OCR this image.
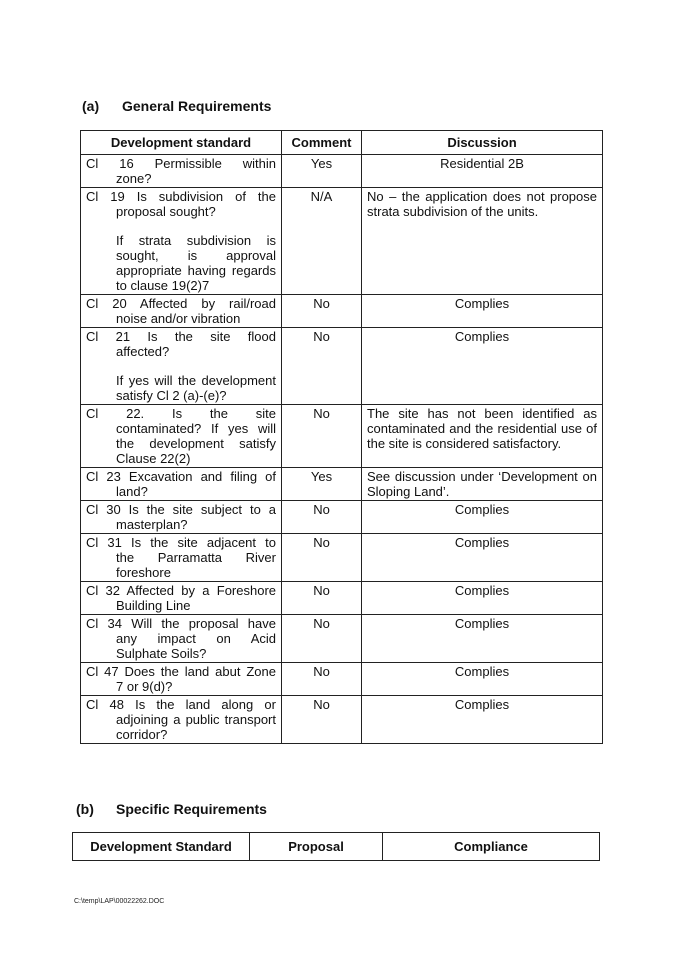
(a) General Requirements
Development standard	Comment	Discussion

Cl 16 Permissible within
zone?	Yes	Residential 2B

Cl 19 Is subdivision of the
proposal sought?
If strata subdivision is sought, is approval appropriate having regards to clause 19(2)7	N/A	No – the application does not propose strata subdivision of the units.

Cl 20 Affected by rail/road
noise and/or vibration	No	Complies

Cl 21 Is the site flood
affected?
If yes will the development satisfy Cl 2 (a)-(e)?	No	Complies

Cl 22. Is the site
contaminated? If yes will the development satisfy Clause 22(2)	No	The site has not been identified as contaminated and the residential use of the site is considered satisfactory.

Cl 23 Excavation and filing of
land?	Yes	See discussion under ‘Development on Sloping Land’.

Cl 30 Is the site subject to a
masterplan?	No	Complies

Cl 31 Is the site adjacent to
the Parramatta River foreshore	No	Complies

Cl 32 Affected by a Foreshore
Building Line	No	Complies

Cl 34 Will the proposal have
any impact on Acid Sulphate Soils?	No	Complies

Cl 47 Does the land abut Zone
7 or 9(d)?	No	Complies

Cl 48 Is the land along or
adjoining a public transport corridor?	No	Complies
(b) Specific Requirements
Development Standard	Proposal	Compliance
C:\temp\LAP\00022262.DOC
